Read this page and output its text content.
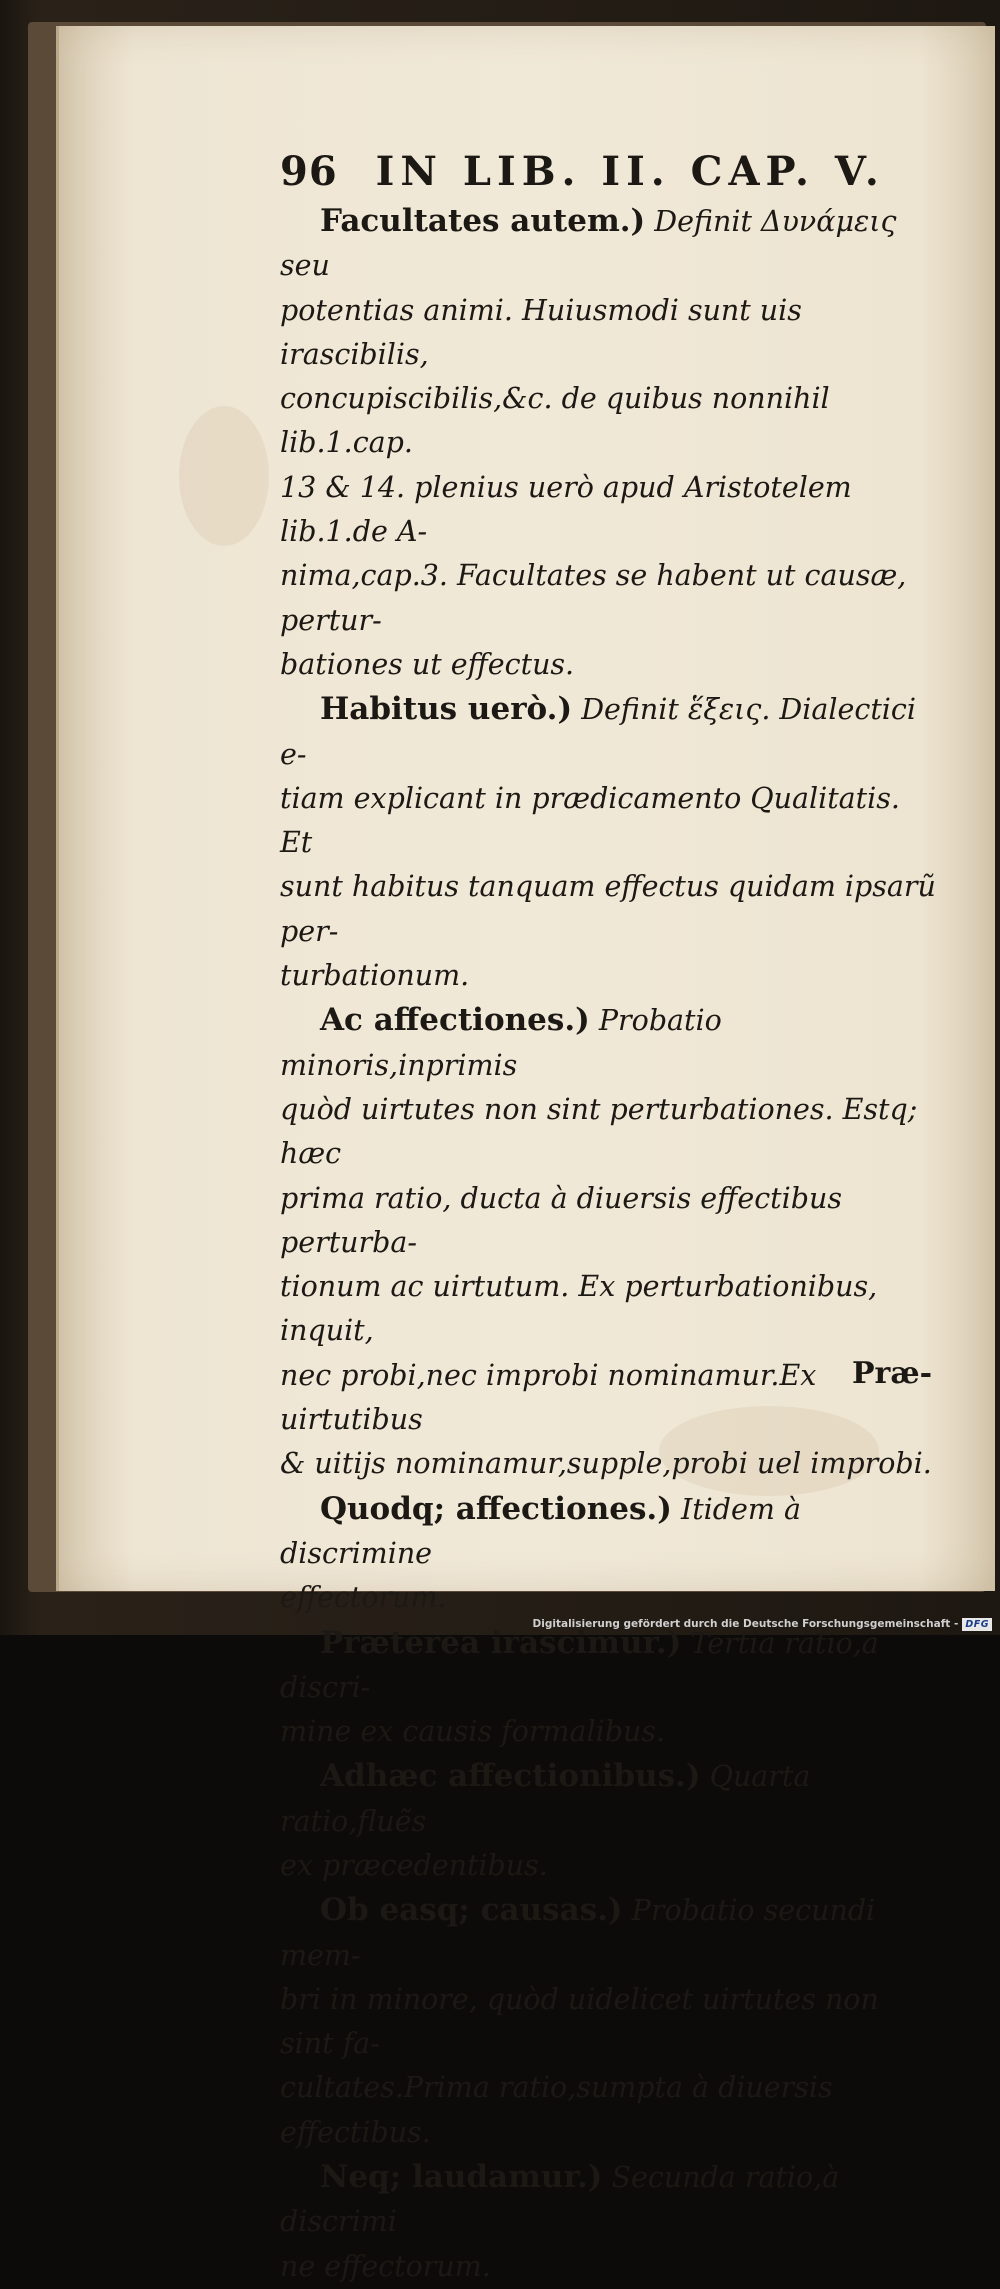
96 IN LIB. II. CAP. V.

Facultates autem.) Definit Δυνάμεις seu
potentias animi. Huiusmodi sunt uis irascibilis,
concupiscibilis,&c. de quibus nonnihil lib.1.cap.
13 & 14. plenius uerò apud Aristotelem lib.1.de A-
nima,cap.3. Facultates se habent ut causæ, pertur-
bationes ut effectus.

Habitus uerò.) Definit ἕξεις. Dialectici e-
tiam explicant in prædicamento Qualitatis. Et
sunt habitus tanquam effectus quidam ipsarũ per-
turbationum.

Ac affectiones.) Probatio minoris,inprimis
quòd uirtutes non sint perturbationes. Estq; hæc
prima ratio, ducta à diuersis effectibus perturba-
tionum ac uirtutum. Ex perturbationibus, inquit,
nec probi,nec improbi nominamur.Ex uirtutibus
& uitijs nominamur,supple,probi uel improbi.

Quodq; affectiones.) Itidem à discrimine
effectorum.

Præterea irascimur.) Tertia ratio,à discri-
mine ex causis formalibus.

Adhæc affectionibus.) Quarta ratio,fluẽs
ex præcedentibus.

Ob easq; causas.) Probatio secundi mem-
bri in minore, quòd uidelicet uirtutes non sint fa-
cultates.Prima ratio,sumpta à diuersis effectibus.

Neq; laudamur.) Secunda ratio,à discrimi
ne effectorum.

Præ-
Digitalisierung gefördert durch die Deutsche Forschungsgemeinschaft - DFG
